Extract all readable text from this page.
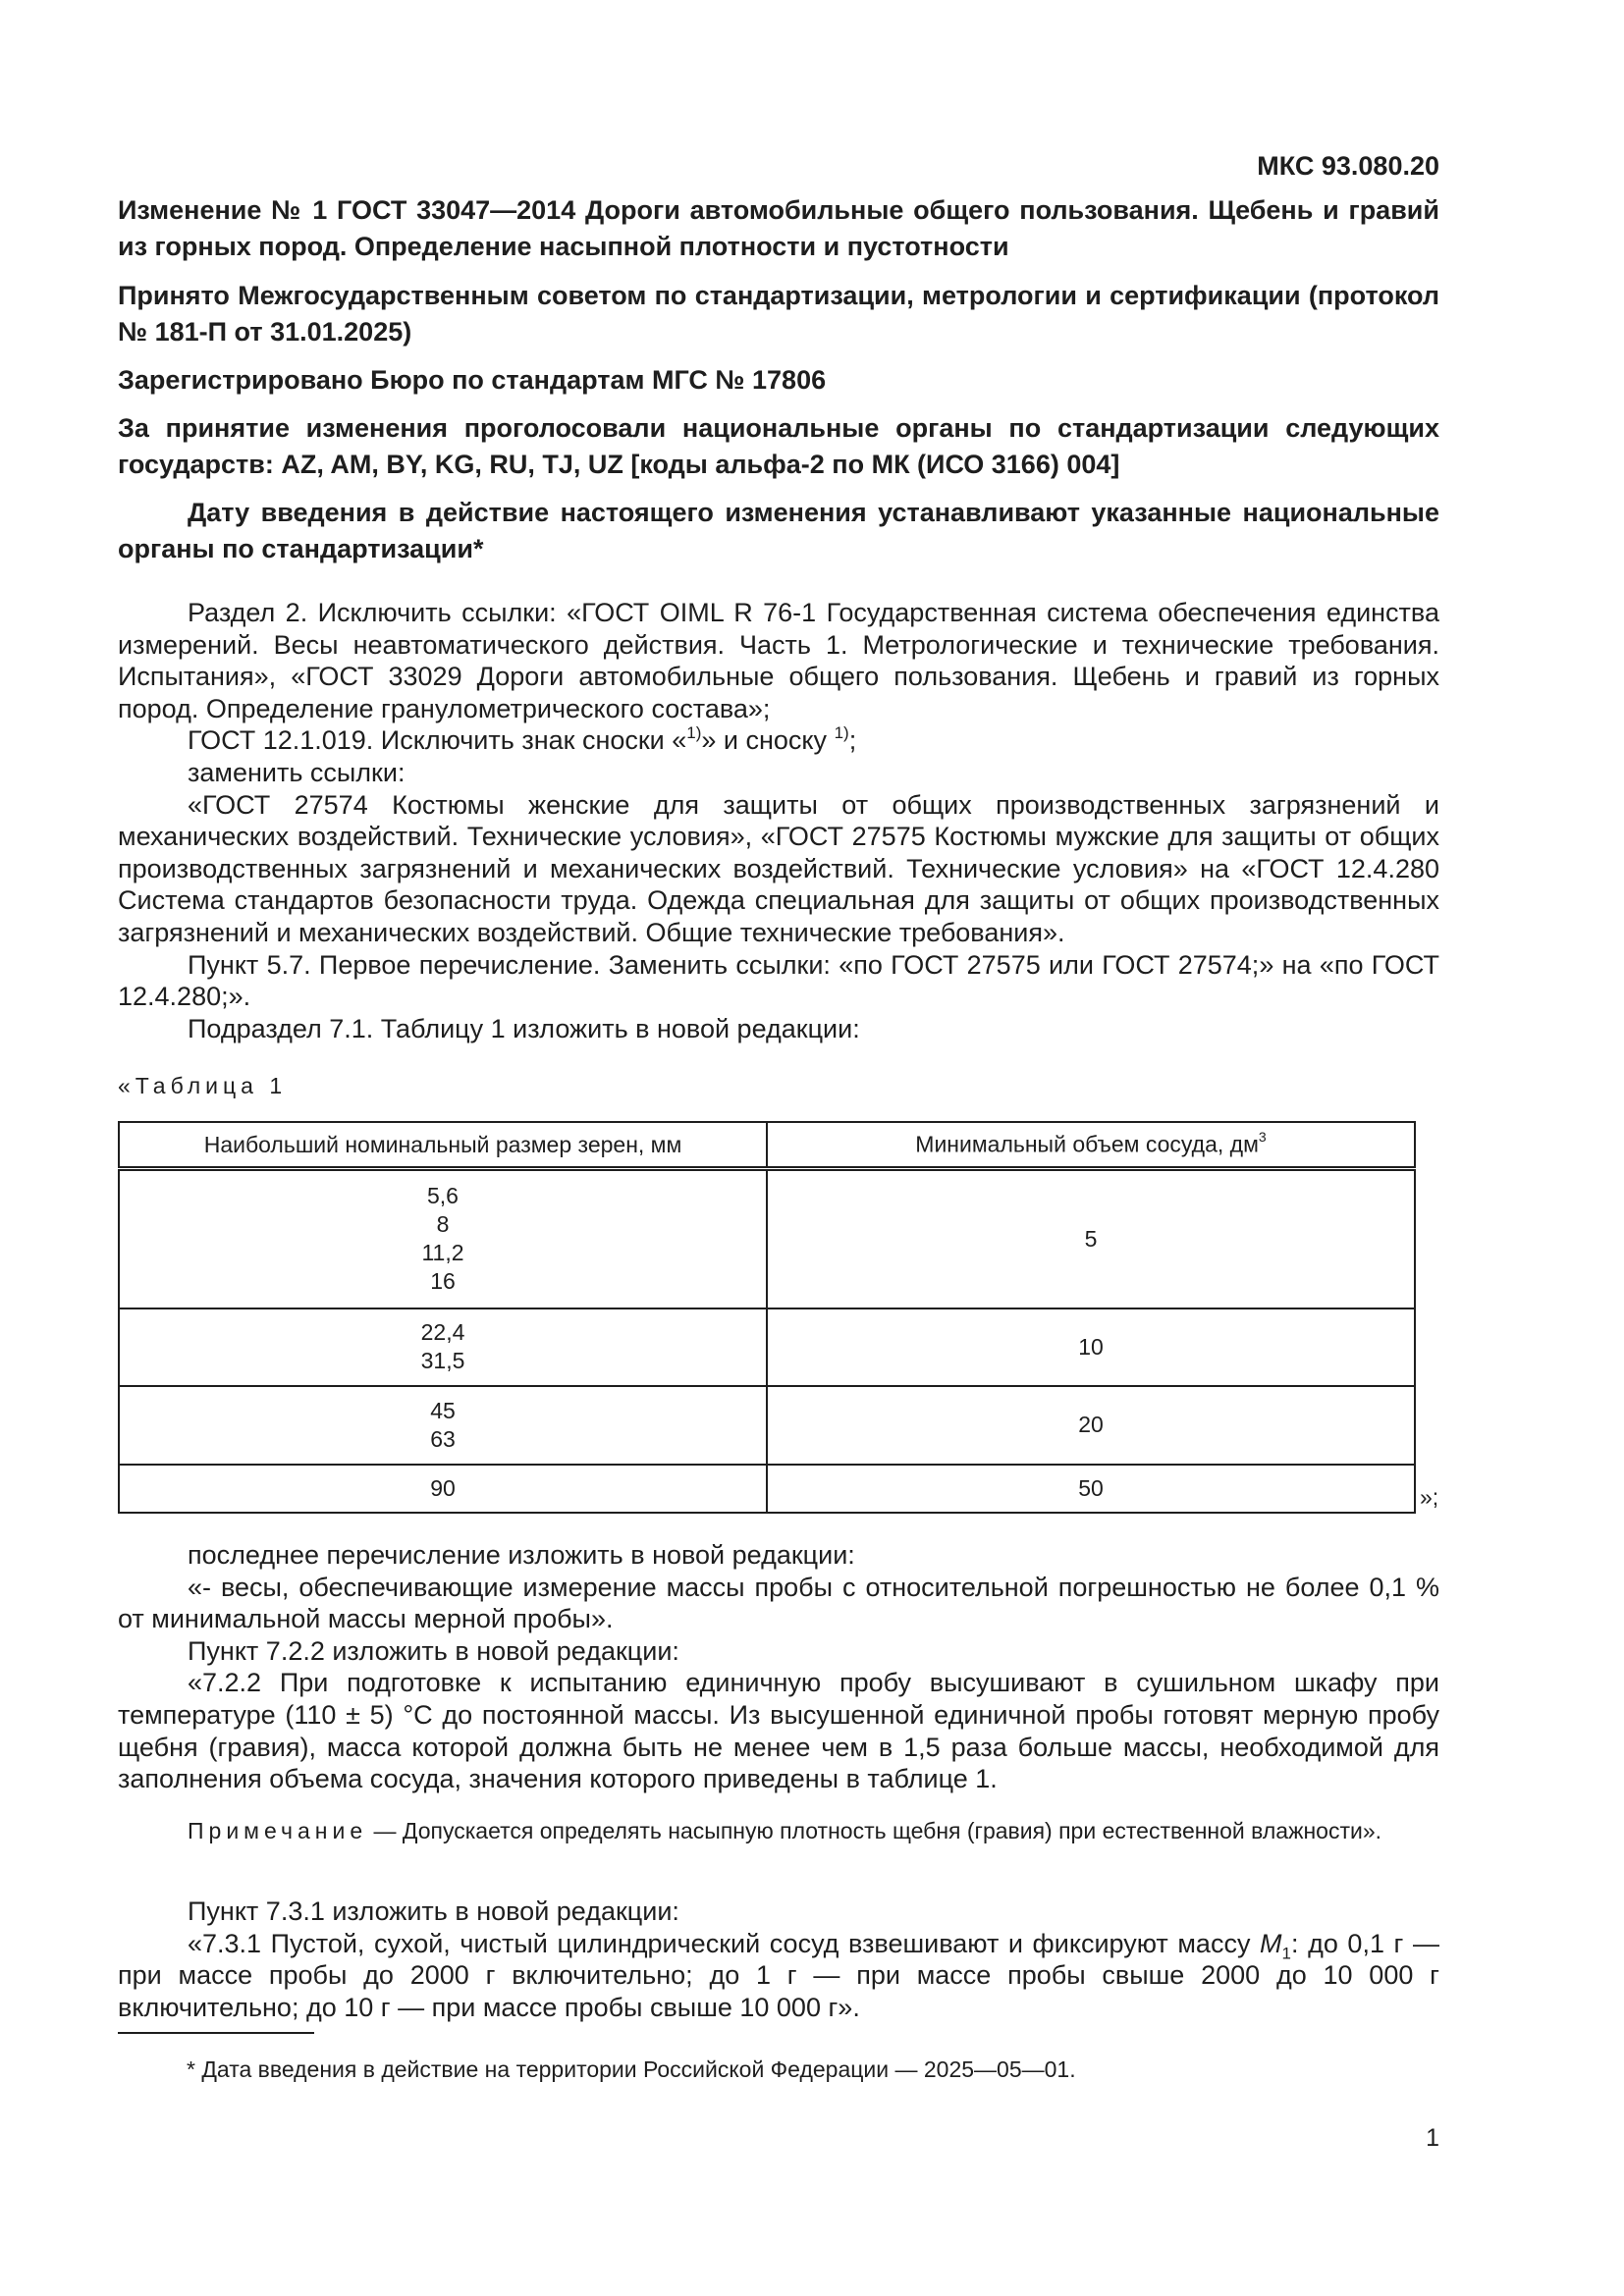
МКС 93.080.20
Изменение № 1 ГОСТ 33047—2014 Дороги автомобильные общего пользования. Щебень и гравий из горных пород. Определение насыпной плотности и пустотности
Принято Межгосударственным советом по стандартизации, метрологии и сертификации (протокол № 181-П от 31.01.2025)
Зарегистрировано Бюро по стандартам МГС № 17806
За принятие изменения проголосовали национальные органы по стандартизации следующих государств: AZ, AM, BY, KG, RU, TJ, UZ [коды альфа-2 по МК (ИСО 3166) 004]
Дату введения в действие настоящего изменения устанавливают указанные национальные органы по стандартизации*

Раздел 2. Исключить ссылки: «ГОСТ OIML R 76-1 Государственная система обеспечения единства измерений. Весы неавтоматического действия. Часть 1. Метрологические и технические требования. Испытания», «ГОСТ 33029 Дороги автомобильные общего пользования. Щебень и гравий из горных пород. Определение гранулометрического состава»;

ГОСТ 12.1.019. Исключить знак сноски «$^{1)}$» и сноску $^{1)}$;

заменить ссылки:

«ГОСТ 27574 Костюмы женские для защиты от общих производственных загрязнений и механических воздействий. Технические условия», «ГОСТ 27575 Костюмы мужские для защиты от общих производственных загрязнений и механических воздействий. Технические условия» на «ГОСТ 12.4.280 Система стандартов безопасности труда. Одежда специальная для защиты от общих производственных загрязнений и механических воздействий. Общие технические требования».

Пункт 5.7. Первое перечисление. Заменить ссылки: «по ГОСТ 27575 или ГОСТ 27574;» на «по ГОСТ 12.4.280;».

Подраздел 7.1. Таблицу 1 изложить в новой редакции:

«Таблица 1
Наибольший номинальный размер зерен, мм	Минимальный объем сосуда, $дм^3$

5,6
8
11,2
16	5

22,4
31,5	10

45
63	20

90	50	»;

последнее перечисление изложить в новой редакции:

«- весы, обеспечивающие измерение массы пробы с относительной погрешностью не более 0,1 % от минимальной массы мерной пробы».

Пункт 7.2.2 изложить в новой редакции:

«7.2.2 При подготовке к испытанию единичную пробу высушивают в сушильном шкафу при температуре (110 ± 5) °С до постоянной массы. Из высушенной единичной пробы готовят мерную пробу щебня (гравия), масса которой должна быть не менее чем в 1,5 раза больше массы, необходимой для заполнения объема сосуда, значения которого приведены в таблице 1.

Примечание — Допускается определять насыпную плотность щебня (гравия) при естественной влажности».

Пункт 7.3.1 изложить в новой редакции:

«7.3.1 Пустой, сухой, чистый цилиндрический сосуд взвешивают и фиксируют массу $M_1$: до 0,1 г — при массе пробы до 2000 г включительно; до 1 г — при массе пробы свыше 2000 до 10 000 г включительно; до 10 г — при массе пробы свыше 10 000 г».

* Дата введения в действие на территории Российской Федерации — 2025—05—01.
1
